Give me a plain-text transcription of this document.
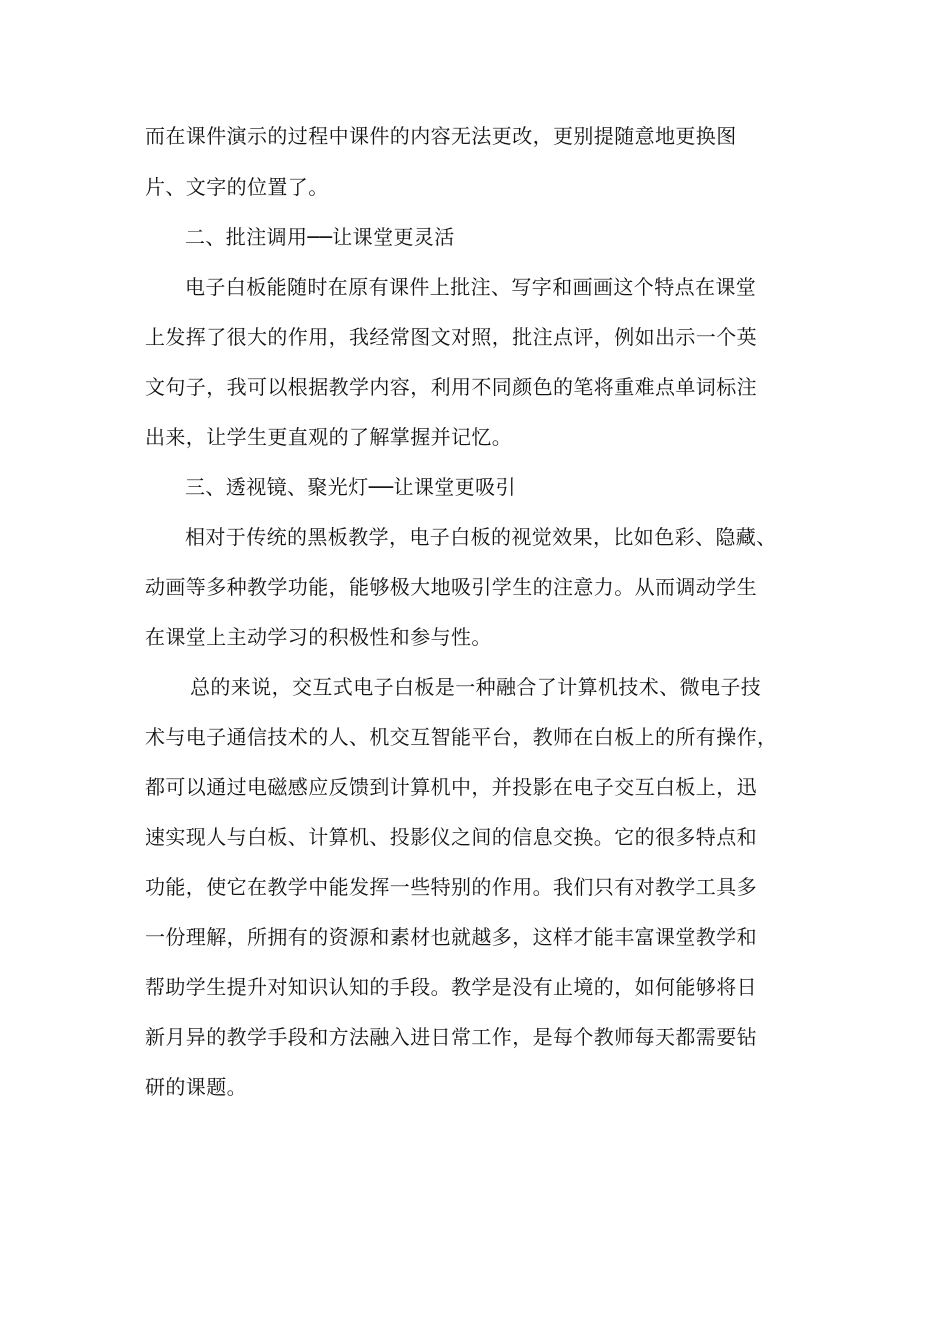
而在课件演示的过程中课件的内容无法更改，更别提随意地更换图
片、文字的位置了。
二、批注调用──让课堂更灵活
电子白板能随时在原有课件上批注、写字和画画这个特点在课堂
上发挥了很大的作用，我经常图文对照，批注点评，例如出示一个英
文句子，我可以根据教学内容，利用不同颜色的笔将重难点单词标注
出来，让学生更直观的了解掌握并记忆。
三、透视镜、聚光灯──让课堂更吸引
相对于传统的黑板教学，电子白板的视觉效果，比如色彩、隐藏、
动画等多种教学功能，能够极大地吸引学生的注意力。从而调动学生
在课堂上主动学习的积极性和参与性。
总的来说，交互式电子白板是一种融合了计算机技术、微电子技
术与电子通信技术的人、机交互智能平台，教师在白板上的所有操作，
都可以通过电磁感应反馈到计算机中，并投影在电子交互白板上，迅
速实现人与白板、计算机、投影仪之间的信息交换。它的很多特点和
功能，使它在教学中能发挥一些特别的作用。我们只有对教学工具多
一份理解，所拥有的资源和素材也就越多，这样才能丰富课堂教学和
帮助学生提升对知识认知的手段。教学是没有止境的，如何能够将日
新月异的教学手段和方法融入进日常工作，是每个教师每天都需要钻
研的课题。
